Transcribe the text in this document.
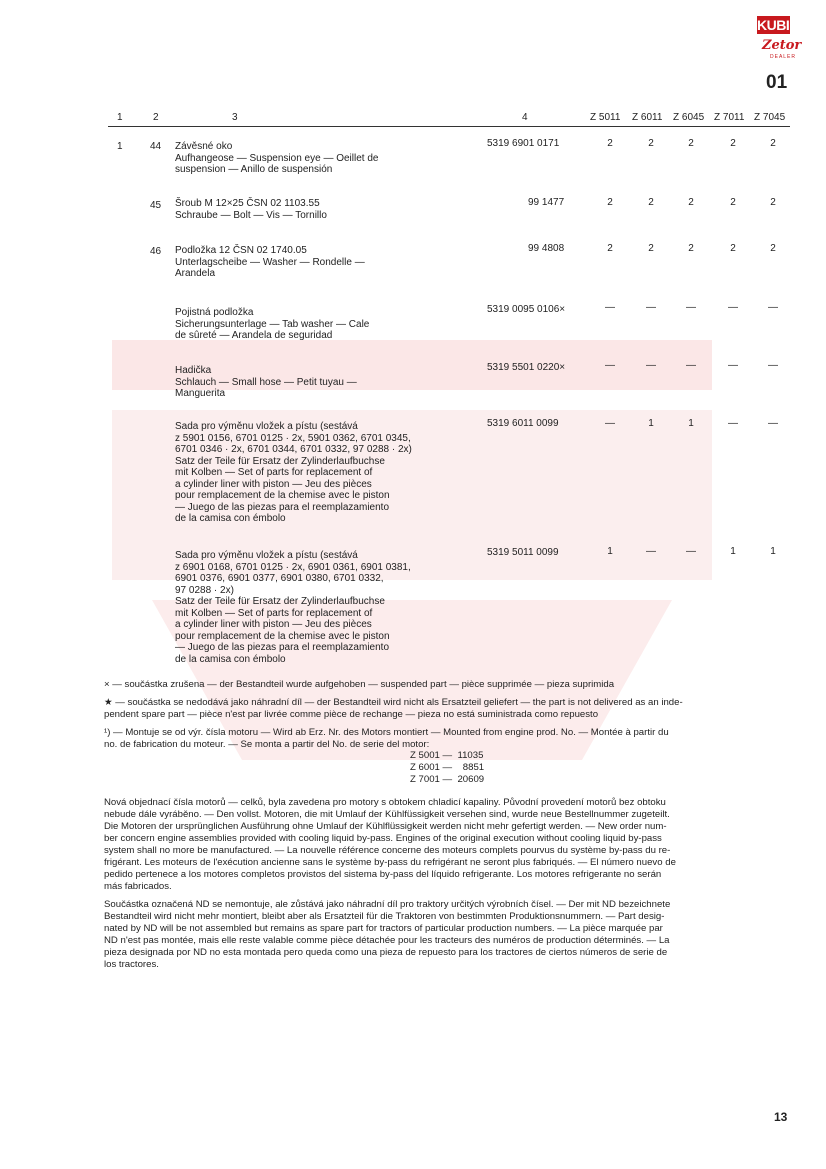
KUBIK
Zetor
DEALER
01
1	2	3	4	Z 5011 Z 6011 Z 6045 Z 7011 Z 7045
1	44 Závěsné oko
Aufhangeose — Suspension eye — Oeillet de
suspension — Anillo de suspensión
5319 6901 0171	2	2	2	2	2
45 Šroub M 12×25 ČSN 02 1103.55
Schraube — Bolt — Vis — Tornillo
99 1477	2	2	2	2	2
46 Podložka 12 ČSN 02 1740.05
Unterlagscheibe — Washer — Rondelle —
Arandela
99 4808	2	2	2	2	2
Pojistná podložka
Sicherungsunterlage — Tab washer — Cale
de sûreté — Arandela de seguridad
5319 0095 0106×	—	—	—	—	—
Hadička
Schlauch — Small hose — Petit tuyau —
Manguerita
5319 5501 0220×	—	—	—	—	—
Sada pro výměnu vložek a pístu (sestává
z 5901 0156, 6701 0125 · 2x, 5901 0362, 6701 0345,
6701 0346 · 2x, 6701 0344, 6701 0332, 97 0288 · 2x)
Satz der Teile für Ersatz der Zylinderlaufbuchse
mit Kolben — Set of parts for replacement of
a cylinder liner with piston — Jeu des pièces
pour remplacement de la chemise avec le piston
— Juego de las piezas para el reemplazamiento
de la camisa con émbolo
5319 6011 0099	—	1	1	—	—
Sada pro výměnu vložek a pístu (sestává
z 6901 0168, 6701 0125 · 2x, 6901 0361, 6901 0381,
6901 0376, 6901 0377, 6901 0380, 6701 0332,
97 0288 · 2x)
Satz der Teile für Ersatz der Zylinderlaufbuchse
mit Kolben — Set of parts for replacement of
a cylinder liner with piston — Jeu des pièces
pour remplacement de la chemise avec le piston
— Juego de las piezas para el reemplazamiento
de la camisa con émbolo
5319 5011 0099	1	—	—	1	1
× — součástka zrušena — der Bestandteil wurde aufgehoben — suspended part — pièce supprimée — pieza suprimida
★ — součástka se nedodává jako náhradní díl — der Bestandteil wird nicht als Ersatzteil geliefert — the part is not delivered as an inde-
pendent spare part — pièce n'est par livrée comme pièce de rechange — pieza no está suministrada como repuesto
¹) — Montuje se od výr. čísla motoru — Wird ab Erz. Nr. des Motors montiert — Mounted from engine prod. No. — Montée à partir du
no. de fabrication du moteur. — Se monta a partir del No. de serie del motor:
Z 5001 —  11035
Z 6001 —    8851
Z 7001 —  20609
Nová objednací čísla motorů — celků, byla zavedena pro motory s obtokem chladicí kapaliny. Původní provedení motorů bez obtoku
nebude dále vyráběno. — Den vollst. Motoren, die mit Umlauf der Kühlfüssigkeit versehen sind, wurde neue Bestellnummer zugeteilt.
Die Motoren der ursprünglichen Ausführung ohne Umlauf der Kühlflüssigkeit werden nicht mehr gefertigt werden. — New order num-
ber concern engine assemblies provided with cooling liquid by-pass. Engines of the original execution without cooling liquid by-pass
system shall no more be manufactured. — La nouvelle référence concerne des moteurs complets pourvus du système by-pass du re-
frigérant. Les moteurs de l'exécution ancienne sans le système by-pass du refrigérant ne seront plus fabriqués. — El número nuevo de
pedido pertenece a los motores completos provistos del sistema by-pass del líquido refrigerante. Los motores refrigerante no serán
más fabricados.
Součástka označená ND se nemontuje, ale zůstává jako náhradní díl pro traktory určitých výrobních čísel. — Der mit ND bezeichnete
Bestandteil wird nicht mehr montiert, bleibt aber als Ersatzteil für die Traktoren von bestimmten Produktionsnummern. — Part desig-
nated by ND will be not assembled but remains as spare part for tractors of particular production numbers. — La pièce marquée par
ND n'est pas montée, mais elle reste valable comme pièce détachée pour les tracteurs des numéros de production déterminés. — La
pieza designada por ND no esta montada pero queda como una pieza de repuesto para los tractores de ciertos números de serie de
los tractores.
13
